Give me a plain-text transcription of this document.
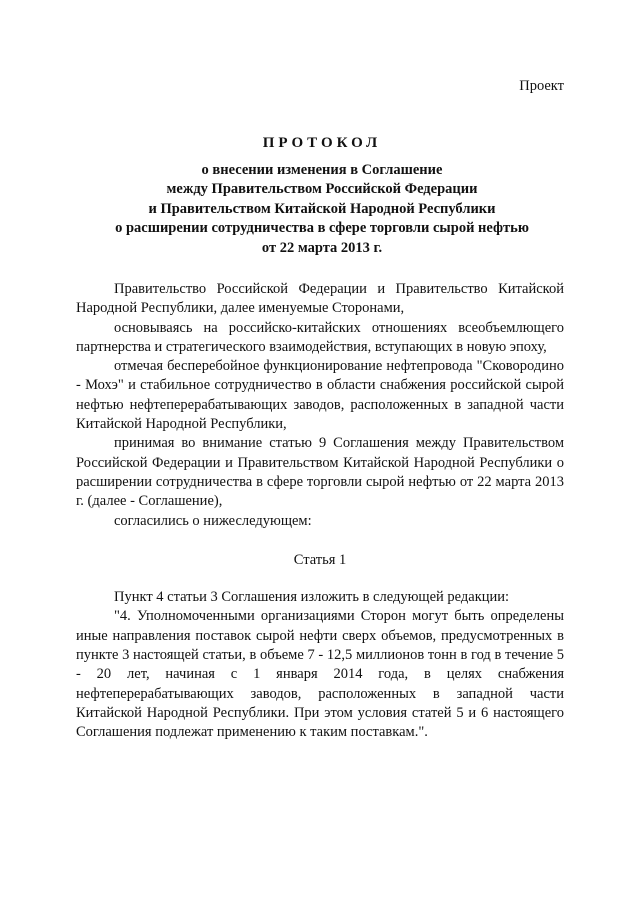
Проект
ПРОТОКОЛ
о внесении изменения в Соглашение
между Правительством Российской Федерации
и Правительством Китайской Народной Республики
о расширении сотрудничества в сфере торговли сырой нефтью
от 22 марта 2013 г.

Правительство Российской Федерации и Правительство Китайской Народной Республики, далее именуемые Сторонами,

основываясь на российско-китайских отношениях всеобъемлющего партнерства и стратегического взаимодействия, вступающих в новую эпоху,

отмечая бесперебойное функционирование нефтепровода "Сковородино - Мохэ" и стабильное сотрудничество в области снабжения российской сырой нефтью нефтеперерабатывающих заводов, расположенных в западной части Китайской Народной Республики,

принимая во внимание статью 9 Соглашения между Правительством Российской Федерации и Правительством Китайской Народной Республики о расширении сотрудничества в сфере торговли сырой нефтью от 22 марта 2013 г. (далее - Соглашение),

согласились о нижеследующем:

Статья 1

Пункт 4 статьи 3 Соглашения изложить в следующей редакции:

"4. Уполномоченными организациями Сторон могут быть определены иные направления поставок сырой нефти сверх объемов, предусмотренных в пункте 3 настоящей статьи, в объеме 7 - 12,5 миллионов тонн в год в течение 5 - 20 лет, начиная с 1 января 2014 года, в целях снабжения нефтеперерабатывающих заводов, расположенных в западной части Китайской Народной Республики. При этом условия статей 5 и 6 настоящего Соглашения подлежат применению к таким поставкам.".
